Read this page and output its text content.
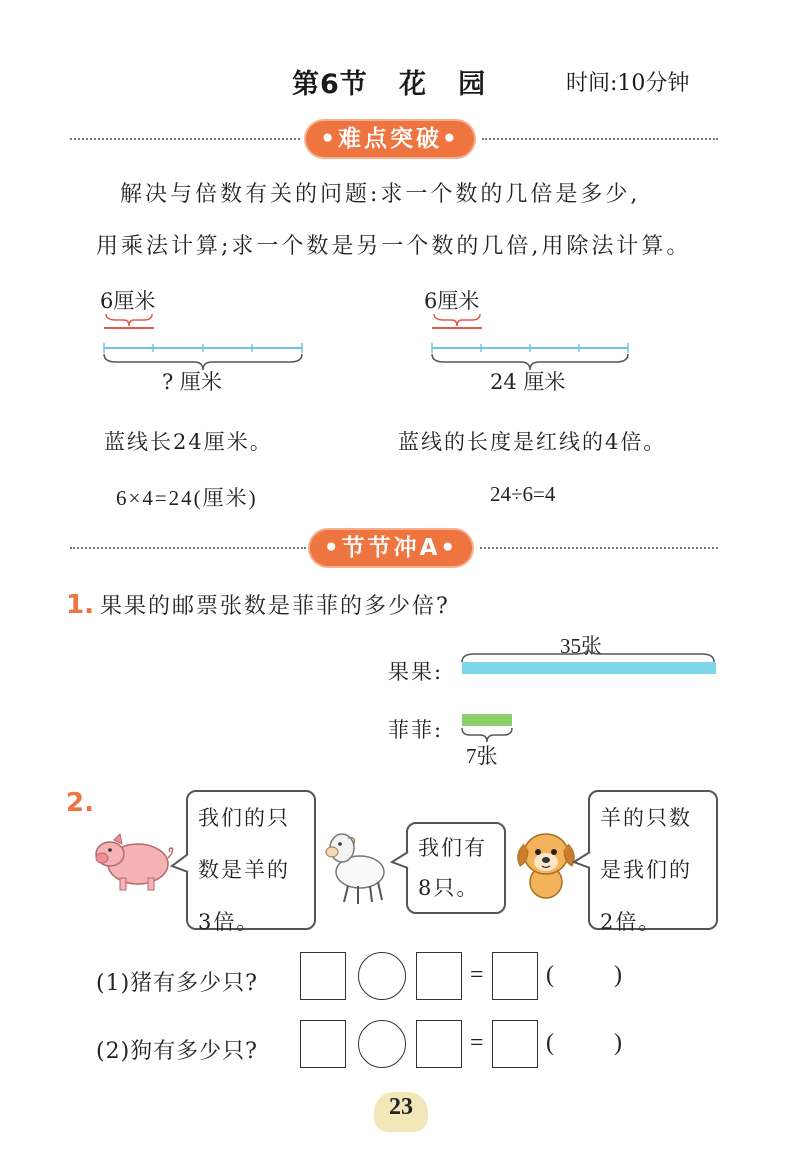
第6节   花   园	时间:10分钟
•难点突破•
解决与倍数有关的问题:求一个数的几倍是多少,
用乘法计算;求一个数是另一个数的几倍,用除法计算。
6厘米
? 厘米
蓝线长24厘米。
6×4=24(厘米)
6厘米
24 厘米
蓝线的长度是红线的4倍。
24÷6=4
•节节冲A•
1. 果果的邮票张数是菲菲的多少倍?
35张
果果:
菲菲:
7张
2.	我们的只
数是羊的
3倍。
我们有
8只。
羊的只数
是我们的
2倍。
(1)猪有多少只?	=	(	)
(2)狗有多少只?	=	(	)
23
